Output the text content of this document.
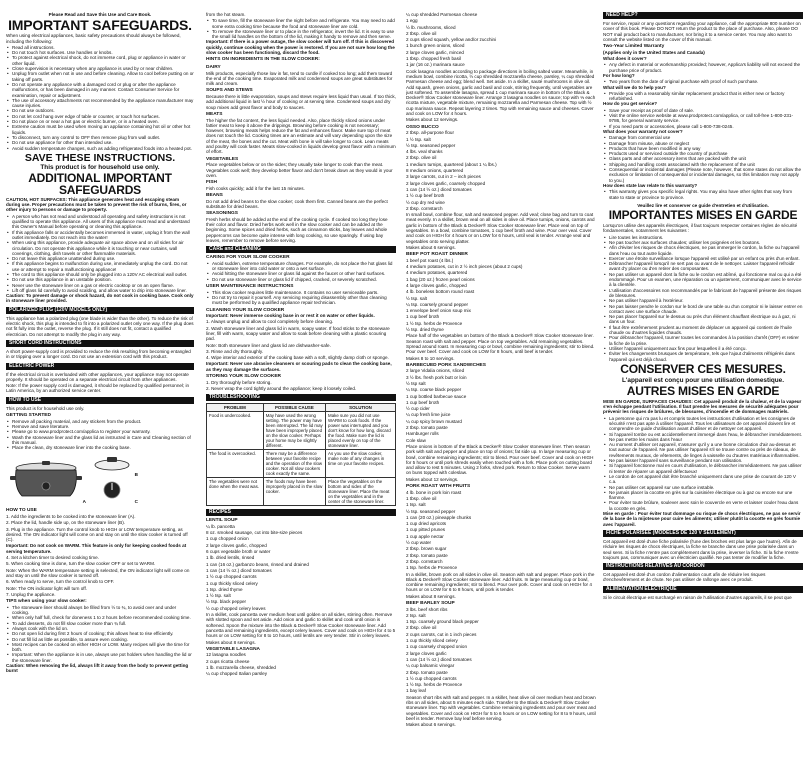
Please Read and Save this Use and Care Book.
IMPORTANT SAFEGUARDS.
When using electrical appliances, basic safety precautions should always be followed, including the following:
• Read all instructions.
• Do not touch hot surfaces. Use handles or knobs.
• To protect against electrical shock, do not immerse cord, plug or appliance in water or other liquid.
• Close supervision is necessary when any appliance is used by or near children.
• Unplug from outlet when not in use and before cleaning. Allow to cool before putting on or taking off parts.
• Do not operate any appliance with a damaged cord or plug or after the appliance malfunctions, or has been damaged in any manner. Contact Consumer Service for examination, repair or adjustment.
• The use of accessory attachments not recommended by the appliance manufacturer may cause injuries.
• Do not use outdoors.
• Do not let cord hang over edge of table or counter, or touch hot surfaces.
• Do not place on or near a hot gas or electric burner, or in a heated oven.
• Extreme caution must be used when moving an appliance containing hot oil or other hot liquids.
• To disconnect, turn any control to OFF then remove plug from wall outlet.
• Do not use appliance for other than intended use.
• Avoid sudden temperature changes, such as adding refrigerated foods into a heated pot.
SAVE THESE INSTRUCTIONS.
This product is for household use only.
ADDITIONAL IMPORTANT SAFEGUARDS
CAUTION, HOT SURFACES: This appliance generates heat and escaping steam during use. Proper precautions must be taken to prevent the risk of burns, fires, or other injury to persons or damage to property.
• A person who has not read and understood all operating and safety instructions is not qualified to operate this appliance. All users of this appliance must read and understand this Owner's Manual before operating or cleaning this appliance.
• If this appliance falls or accidentally becomes immersed in water, unplug it from the wall outlet immediately. Do not reach into the water!
• When using this appliance, provide adequate air space above and on all sides for air circulation. Do not operate this appliance while it is touching or near curtains, wall coverings, clothing, dish towels or other flammable materials.
• Do not leave this appliance unattended during use.
• If this appliance begins to malfunction during use, immediately unplug the cord. Do not use or attempt to repair a malfunctioning appliance!
• The cord to this appliance should only be plugged into a 120V AC electrical wall outlet.
• Do not use this appliance in an unstable position.
• Never use the stoneware liner on a gas or electric cooktop or on an open flame.
• Lift off glass lid carefully to avoid scalding, and allow water to drip into stoneware liner.
Caution: To prevent damage or shock hazard, do not cook in cooking base. Cook only in stoneware liner provided.
POLARIZED PLUG (120V MODELS ONLY)
This appliance has a polarized plug (one blade is wider than the other). To reduce the risk of electric shock, this plug is intended to fit into a polarized outlet only one way. If the plug does not fit fully into the outlet, reverse the plug. If it still does not fit, contact a qualified electrician. Do not attempt to modify the plug in any way.
SHORT CORD INSTRUCTIONS
A short power-supply cord is provided to reduce the risk resulting from becoming entangled in or tripping over a longer cord. Do not use an extension cord with this product.
ELECTRIC POWER
If the electrical circuit is overloaded with other appliances, your appliance may not operate properly. It should be operated on a separate electrical circuit from other appliances.
Note: If the power supply cord is damaged, it should be replaced by qualified personnel; in Latin America, by an authorized service center.
HOW TO USE
This product is for household use only.
GETTING STARTED
• Remove all packing material, and any stickers from the product.
• Remove and save literature.
• Please go to www.prodprotect.com/applica to register your warranty.
• Wash the stoneware liner and the glass lid as instructed in Care and Cleaning section of this manual.
• Place the clean, dry stoneware liner into the cooking base.
A
B
C
HOW TO USE
1. Add the ingredients to be cooked into the stoneware liner (A).
2. Place the lid, handle side up, on the stoneware liner (B).
3. Plug in the appliance. Turn the control knob to HIGH or LOW temperature setting, as desired. The ON indicator light will come on and stay on until the slow cooker is turned off (C).
Important: Do not cook on WARM. This feature is only for keeping cooked foods at serving temperature.
4. Set a kitchen timer to desired cooking time.
5. When cooking time is done, turn the slow cooker OFF or set to WARM.
Note: When the WARM temperature setting is selected, the ON indicator light will come on and stay on until the slow cooker is turned off.
6. When ready to serve, turn the control knob to OFF.
Note: The ON indicator light will turn off.
7. Unplug the appliance.
TIPS when using your slow cooker:
• The stoneware liner should always be filled from ½ to ¾, to avoid over and under cooking.
• When only half full, check for doneness 1 to 2 hours before recommended cooking time.
• To add desserts, do not fill slow cooker more than ¾ full.
• Always cook with the lid on.
• Do not open lid during first 2 hours of cooking; this allows heat to rise efficiently.
• Do not fill lid as little as possible, to assure even cooking.
• Most recipes can be cooked on either HIGH or LOW. Many recipes will give the time for both.
• Important: When the appliance is in use, always use pot holders when handling the lid or the stoneware liner.
Caution: When removing the lid, always lift it away from the body to prevent getting burnt
from the hot steam.
• To save time, fill the stoneware liner the night before and refrigerate. You may need to add some extra cooking time because the food and stoneware liner are cold.
• To remove the stoneware liner or to place in the refrigerator, invert the lid. It is easy to use the small lid handles on the bottom of the lid, making it handy to remove and then serve.
Important: If there is a power outage, the slow cooker will turn off. If this is discovered quickly, continue cooking when the power is restored. If you are not sure how long the slow cooker has been functioning, discard the food.
HINTS ON INGREDIENTS IN THE SLOW COOKER:
DAIRY
Milk products, especially those low in fat, tend to curdle if cooked too long; add them toward the end of the cooking time. Evaporated milk and condensed soups are great substitutes for milk and cream.
SOUPS AND STEWS
Because there is little evaporation, soups and stews require less liquid than usual. If too thick, add additional liquid in last ½ hour of cooking or at serving time. Condensed soups and dry soup mixes add great flavor and body to sauces.
MEATS
The higher the fat content, the less liquid needed. Also, place thickly sliced onions under fattier meat to keep it above the drippings. Browning before cooking is not necessary; however, browning meats helps reduce the fat and enhances flavor. Make sure top of meat does not touch the lid. Cooking times are an estimate and will vary depending upon the size of the meat, the bones and the cut. Meat with bone in will take longer to cook. Lean meats and poultry will cook faster. Meats slow-cooked in liquids develop great flavor with a minimum of effort.
VEGETABLES
Place vegetables below or on the sides; they usually take longer to cook than the meat. Vegetables cook well; they develop better flavor and don't break down as they would in your oven.
FISH
Fish cooks quickly; add it for the last 15 minutes.
BEANS
Do not add dried beans to the slow cooker; cook them first. Canned beans are the perfect substitute for dried beans.
SEASONINGS
Fresh herbs should be added at the end of the cooking cycle. If cooked too long they lose their color and flavor. Dried herbs work well in the slow cooker and can be added at the beginning. Some spices and dried herbs, such as cinnamon sticks, bay leaves and whole peppercorns can become quite intense with long cooking, so use sparingly. If using bay leaves, remember to remove before serving.
CARE and CLEANING
CARING FOR YOUR SLOW COOKER
• Avoid sudden, extreme temperature changes. For example, do not place the hot glass lid or stoneware liner into cold water or onto a wet surface.
• Avoid hitting the stoneware liner or glass lid against the faucet or other hard surfaces.
• Do not use stoneware liner or glass lid if chipped, cracked, or severely scratched.
USER MAINTENANCE INSTRUCTIONS
• This slow cooker requires little maintenance. It contains no user serviceable parts.
• Do not try to repair it yourself. Any servicing requiring disassembly other than cleaning must be performed by a qualified appliance repair technician.
CLEANING YOUR SLOW COOKER
Important: Never immerse cooking base in or rest it on water or other liquids.
1. Always unplug and allow to cool completely before cleaning.
2. Wash stoneware liner and glass lid in warm, soapy water. If food sticks to the stoneware liner, fill with warm, soapy water and allow to soak before cleaning with a plastic scouring pad.
Note: Both stoneware liner and glass lid are dishwasher-safe.
3. Rinse and dry thoroughly.
4. Wipe interior and exterior of the cooking base with a soft, slightly damp cloth or sponge.
Important: Never use abrasive cleansers or scouring pads to clean the cooking base, as they may damage the surfaces.
STORING YOUR SLOW COOKER
1. Dry thoroughly before storing.
2. Never wrap the cord tightly around the appliance; keep it loosely coiled.
TROUBLESHOOTING
PROBLEM	POSSIBLE CAUSE	SOLUTION
Food is undercooked.	May have used the wrong setting. The power may have been interrupted. The lid may have been improperly placed on the slow cooker. Perhaps your home may be slightly different.	Make sure you did not use WARM to cook foods. If the power was interrupted and you don't know for how long, discard the food. Make sure the lid is placed evenly on top of the stoneware liner.
The food is overcooked.	There may be a difference between your favorite recipe and the operation of the slow cooker. Not all slow cookers cook exactly the same.	As you use the slow cooker, make note of any changes in time on your favorite recipes.
The vegetables were not done when the meat was.	The foods may have been improperly placed in the slow cooker.	Place the vegetables on the bottom and sides of the stoneware liner. Place the meat on the vegetables and in the center of the stoneware liner.
RECIPES
LENTIL SOUP
¼ lb. pancetta
8 oz. smoked sausage, cut into bite-size pieces
1 cup chopped onion
2 large cloves garlic, chopped
6 cups vegetable broth or water
1 lb. dried lentils, rinsed
1 can (16 oz.) garbanzo beans, rinsed and drained
1 can (14 ½ oz.) diced tomatoes
1 ½ cup chopped carrots
1 cup thickly sliced celery
1 tsp. dried thyme
1 ½ tsp. salt
½ tsp. black pepper
½ cup chopped celery leaves
In a skillet, cook pancetta over medium heat until golden on all sides, stirring often. Remove with slotted spoon and set aside. Add onion and garlic to skillet and cook until onion is softened. Spoon the mixture into the Black & Decker® Slow Cooker stoneware liner. Add pancetta and remaining ingredients, except celery leaves. Cover and cook on HIGH for 4 to 5 hours or on LOW setting for 8 to 10 hours, until lentils are very tender. Stir in celery leaves.
Makes about 8 servings.
VEGETABLE LASAGNA
12 lasagna noodles
2 cups ricotta cheese
1 lb. mozzarella cheese, shredded
¼ cup chopped Italian parsley
¼ cup shredded Parmesan cheese
1 egg
½ lb. mushrooms, sliced
2 tbsp. olive oil
2 cups sliced squash, yellow and/or zucchini
1 bunch green onions, sliced
2 large cloves garlic, minced
1 tbsp. chopped fresh basil
1 jar (16 oz.) marinara sauce
Cook lasagna noodles according to package directions in boiling salted water. Meanwhile, in medium bowl, combine ricotta, ½ cup shredded mozzarella cheese, parsley, ¼ cup shredded Parmesan cheese and egg; blend well. Set aside. In a skillet, sauté mushrooms in olive oil. Add squash, green onions, garlic and basil and cook, stirring frequently, until vegetables are just softened. To assemble lasagna, spread 1 cup marinara sauce in bottom of the Black & Decker® Slow Cooker stoneware liner. Arrange 3 lasagna noodles on sauce; top with ⅓ each ricotta mixture, vegetable mixture, remaining mozzarella and Parmesan cheese. Top with ½ cup marinara sauce. Repeat layering 2 times. Top with remaining sauce and cheeses. Cover and cook on LOW for 4 hours.
Makes about 12 servings.
OSSO BUCCO
2 tbsp. all-purpose flour
1 ½ tsp. salt
½ tsp. seasoned pepper
4 lbs. veal shanks
2 tbsp. olive oil
1 medium turnips, quartered (about 1 ¼ lbs.)
8 medium onions, quartered
3 large carrots, cut in 2 – inch pieces
2 large cloves garlic, coarsely chopped
1 can (14 ½ oz.) diced tomatoes
1 ½ cup beef broth
½ cup dry red wine
2 tbsp. cornstarch
In small bowl, combine flour, salt and seasoned pepper. Add veal; close bag and turn to coat meat evenly. In a skillet, brown veal on all sides in olive oil. Place turnips, onions, carrots and garlic in bottom of the Black & Decker® Slow Cooker stoneware liner. Place veal on top of vegetables. In a bowl, combine tomatoes, 1 cup beef broth and wine. Pour over veal. Cover and cook on HIGH for 4 hours or on LOW for 6 hours, until veal is tender. Arrange veal and vegetables onto serving platter.
Makes about 6 servings.
BEEF POT ROAST DINNER
1 beef pot roast (4 lbs.)
4 medium potatoes, cut in 2 ½ inch pieces (about 2 cups)
4 medium potatoes, quartered
1 bag (20 oz.) frozen pearl onions
4 large cloves garlic, chopped
4 lb. boneless bottom round roast
½ tsp. salt
¼ tsp. coarsely ground pepper
1 envelope beef onion soup mix
1 cup beef broth
1 ½ tsp. herbs de Provence
½ tsp. dried thyme
Place half of the vegetables on bottom of the Black & Decker® Slow Cooker stoneware liner. Season roast with salt and pepper. Place on top vegetables. Add remaining vegetables. Spread around roast. In measuring cup or bowl, combine remaining ingredients; stir to blend. Pour over beef. Cover and cook on LOW for 8 hours, until beef is tender.
Makes 8 to 10 servings.
BARBECUED PORK SANDWICHES
2 large Vidalia onions, sliced
3 ½ lbs. fresh pork butt or loin
½ tsp salt
¼ tsp. coarse black pepper
1 cup bottled barbecue sauce
1 cup beef broth
½ cup cider
¼ cup fresh lime juice
¼ cup spicy brown mustard
2 tbsp. tomato paste
Hamburger rolls
Cole slaw
Place onions in bottom of the Black & Decker® Slow Cooker stoneware liner. Then season pork with salt and pepper and place on top of onions; fat side up. In large measuring cup or bowl, combine remaining ingredients; stir to blend. Pour over beef. Cover and cook on HIGH for 5 hours or until pork shreds easily when touched with a fork. Place pork on cutting board and allow to rest 5 minutes. Using 2 forks, shred pork. Return to Slow Cooker. Serve warm on buns topped with coleslaw.
Makes about 12 servings.
PORK ROAST WITH FRUITS
4 lb. bone in pork loin roast
1 tbsp. olive oil
1 tsp. salt
½ tsp. seasoned pepper
1 can (20 oz.) pineapple chunks
1 cup dried apricots
1 cup pitted prunes
1 cup apple nectar
½ cup water
2 tbsp. brown sugar
2 tbsp. tomato paste
2 tbsp. cornstarch
1 tsp. herbs de Provence
In a skillet, brown pork on all sides in olive oil. Season with salt and pepper. Place pork in the Black & Decker® Slow Cooker stoneware liner. Add fruits. In large measuring cup or bowl, combine remaining ingredients; stir to blend. Pour over pork. Cover and cook on HIGH for 4 hours or on LOW for 6 to 8 hours, until pork is tender.
Makes about 8 servings.
BEEF BARLEY SOUP
3 lbs. beef short ribs
2 tsp. salt
1 tsp. coarsely ground black pepper
2 tbsp. olive oil
2 cups carrots, cut in 1 inch pieces
1 cup thickly sliced celery
1 cup coarsely chopped onion
2 large cloves garlic
1 can (14 ½ oz.) diced tomatoes
¼ cup balsamic vinegar
2 tbsp. tomato paste
1 ½ cup chopped carrots
1 ½ tsp. herbs de Provence
1 bay leaf
Season short ribs with salt and pepper. In a skillet, heat olive oil over medium heat and brown ribs on all sides, about 5 minutes each side. Transfer to the Black & Decker® Slow Cooker stoneware liner. Top with vegetables. Combine remaining ingredients and pour over meat and vegetables. Cover and cook on HIGH for 5 to 6 hours or on LOW setting for 8 to 9 hours, until beef is tender. Remove bay leaf before serving.
Makes about 6 servings.
NEED HELP?
For service, repair or any questions regarding your appliance, call the appropriate 800 number on cover of this book. Please DO NOT return the product to the place of purchase. Also, please DO NOT mail product back to manufacturer, nor bring it to a service center. You may also want to consult the website listed on the cover of this manual.
Two-Year Limited Warranty
(Applies only in the United States and Canada)
What does it cover?
• Any defect in material or workmanship provided; however, Applica's liability will not exceed the purchase price of product.
For how long?
• Two years from the date of original purchase with proof of such purchase.
What will we do to help you?
• Provide you with a reasonably similar replacement product that is either new or factory refurbished.
How do you get service?
• Save your receipt as proof of date of sale.
• Visit the online service website at www.prodprotect.com/applica, or call toll-free 1-800-231-9786, for general warranty service.
• If you need parts or accessories, please call 1-800-738-0245.
What does your warranty not cover?
• Damage from commercial use
• Damage from misuse, abuse or neglect
• Products that have been modified in any way
• Products used or serviced outside the country of purchase
• Glass parts and other accessory items that are packed with the unit
• Shipping and handling costs associated with the replacement of the unit
• Consequential or incidental damages (Please note, however, that some states do not allow the exclusion or limitation of consequential or incidental damages, so this limitation may not apply to you.)
How does state law relate to this warranty?
• This warranty gives you specific legal rights. You may also have other rights that vary from state to state or province to province.
Veuillez lire et conserver ce guide d'entretien et d'utilisation.
IMPORTANTES MISES EN GARDE
Lorsqu'on utilise des appareils électriques, il faut toujours respecter certaines règles de sécurité fondamentales, notamment les suivantes :
• Lire toutes les instructions.
• Ne pas toucher aux surfaces chaudes; utiliser les poignées et les boutons.
• Afin d'éviter les risques de chocs électriques, ne pas immerger le cordon, la fiche ou l'appareil dans l'eau ou tout autre liquide.
• Exercer une étroite surveillance lorsque l'appareil est utilisé par un enfant ou près d'un enfant.
• Débrancher l'appareil lorsqu'il ne sert pas ou avant de le nettoyer. Laisser l'appareil refroidir avant d'y placer ou d'en retirer des composantes.
• Ne pas utiliser un appareil dont la fiche ou le cordon est abîmé, qui fonctionne mal ou qui a été endommagé. Pour un examen, une réparation ou un ajustement, communiquer avec le service à la clientèle.
• L'utilisation d'accessoires non recommandés par le fabricant de l'appareil présente des risques de blessures.
• Ne pas utiliser l'appareil à l'extérieur.
• Ne pas laisser pendre le cordon sur le bord de une table ou d'un comptoir ni le laisser entrer en contact avec une surface chaude.
• Ne pas placer l'appareil sur le dessus ou près d'un élément chauffant électrique ou à gaz, ni dans un four.
• Il faut être extrêmement prudent au moment de déplacer un appareil qui contient de l'huile chaude ou d'autres liquides chauds.
• Pour débrancher l'appareil, tourner toutes les commandes à la position d'arrêt (OFF) et retirer la fiche de la prise.
• Utiliser l'appareil uniquement aux fins pour lesquelles il a été conçu.
• Éviter les changements brusques de température, tels que l'ajout d'aliments réfrigérés dans l'appareil qui est déjà chaud.
CONSERVER CES MESURES.
L'appareil est conçu pour une utilisation domestique.
AUTRES MISES EN GARDE
MISE EN GARDE, SURFACES CHAUDES: Cet appareil produit de la chaleur, et de la vapeur s'en échappe pendant l'utilisation. Il faut prendre les mesures de sécurité adéquates pour prévenir les risques de brûlures, de blessures, d'incendie et de dommages matériels.
• La personne qui n'a pas lu et compris toutes les instructions d'utilisation et les consignes de sécurité n'est pas apte à utiliser l'appareil. Tous les utilisateurs de cet appareil doivent lire et comprendre ce guide d'utilisation avant d'utiliser et de nettoyer cet appareil.
• Si l'appareil tombe ou est accidentellement immergé dans l'eau, le débrancher immédiatement. Ne pas mettre les mains dans l'eau!
• Au moment d'utiliser cet appareil, s'assurer qu'il y a une bonne circulation d'air au-dessus et tout autour de l'appareil. Ne pas utiliser l'appareil s'il se trouve contre ou près de rideaux, de revêtements muraux, de vêtements, de linges à vaisselle ou d'autres matériaux inflammables.
• Ne pas laisser l'appareil sans surveillance pendant son utilisation.
• Si l'appareil fonctionne mal en cours d'utilisation, le débrancher immédiatement. Ne pas utiliser ni tenter de réparer un appareil défectueux!
• Le cordon de cet appareil doit être branché uniquement dans une prise de courant de 120 V c.a.
• Ne pas utiliser cet appareil sur une surface instable.
• Ne jamais placer la cocotte en grès sur la cuisinière électrique ou à gaz ou encore sur une flamme.
• Pour éviter toute brûlure, soulever avec soin le couvercle en verre et laisser couler l'eau dans la cocotte en grès.
Mise en garde : Pour éviter tout dommage ou risque de chocs électriques, ne pas se servir de la base de la mijoteuse pour cuire les aliments; utiliser plutôt la cocotte en grès fournie avec l'appareil.
FICHE POLARISÉE (MODÈLES DE 120 V SEULEMENT)
Cet appareil est doté d'une fiche polarisée (l'une des broches est plus large que l'autre). Afin de réduire les risques de chocs électriques, la fiche se branche dans une prise polarisée dans un seul sens. Si la fiche n'entre pas complètement dans la prise, inverser la fiche. Si la fiche n'entre toujours pas, communiquer avec un électricien qualifié. Ne pas tenter de modifier la fiche.
INSTRUCTIONS RELATIVES AU CORDON
Cet appareil est doté d'un cordon d'alimentation court afin de réduire les risques d'enchevêtrement et de chute. Ne pas utiliser de rallonge avec ce produit.
ALIMENTATION ÉLECTRIQUE
Si le circuit électrique est surchargé en raison de l'utilisation d'autres appareils, il se peut que
